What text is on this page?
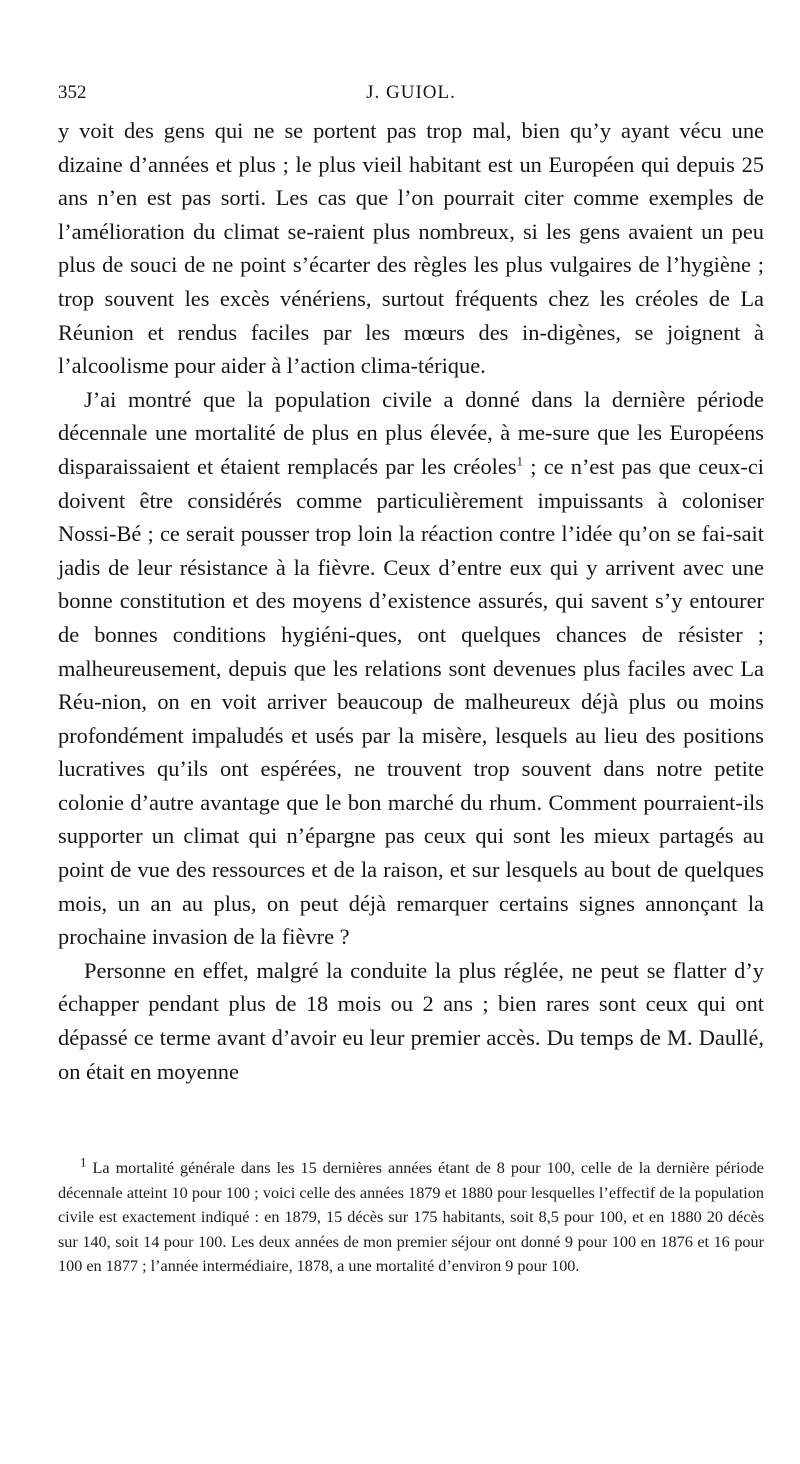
352	J. GUIOL.

y voit des gens qui ne se portent pas trop mal, bien qu’y ayant vécu une dizaine d’années et plus ; le plus vieil habitant est un Européen qui depuis 25 ans n’en est pas sorti. Les cas que l’on pourrait citer comme exemples de l’amélioration du climat se-raient plus nombreux, si les gens avaient un peu plus de souci de ne point s’écarter des règles les plus vulgaires de l’hygiène ; trop souvent les excès vénériens, surtout fréquents chez les créoles de La Réunion et rendus faciles par les mœurs des in-digènes, se joignent à l’alcoolisme pour aider à l’action clima-térique.

J’ai montré que la population civile a donné dans la dernière période décennale une mortalité de plus en plus élevée, à me-sure que les Européens disparaissaient et étaient remplacés par les créoles$^1$ ; ce n’est pas que ceux-ci doivent être considérés comme particulièrement impuissants à coloniser Nossi-Bé ; ce serait pousser trop loin la réaction contre l’idée qu’on se fai-sait jadis de leur résistance à la fièvre. Ceux d’entre eux qui y arrivent avec une bonne constitution et des moyens d’existence assurés, qui savent s’y entourer de bonnes conditions hygiéni-ques, ont quelques chances de résister ; malheureusement, depuis que les relations sont devenues plus faciles avec La Réu-nion, on en voit arriver beaucoup de malheureux déjà plus ou moins profondément impaludés et usés par la misère, lesquels au lieu des positions lucratives qu’ils ont espérées, ne trouvent trop souvent dans notre petite colonie d’autre avantage que le bon marché du rhum. Comment pourraient-ils supporter un climat qui n’épargne pas ceux qui sont les mieux partagés au point de vue des ressources et de la raison, et sur lesquels au bout de quelques mois, un an au plus, on peut déjà remarquer certains signes annonçant la prochaine invasion de la fièvre ?

Personne en effet, malgré la conduite la plus réglée, ne peut se flatter d’y échapper pendant plus de 18 mois ou 2 ans ; bien rares sont ceux qui ont dépassé ce terme avant d’avoir eu leur premier accès. Du temps de M. Daullé, on était en moyenne

$^1$ La mortalité générale dans les 15 dernières années étant de 8 pour 100, celle de la dernière période décennale atteint 10 pour 100 ; voici celle des années 1879 et 1880 pour lesquelles l’effectif de la population civile est exactement indiqué : en 1879, 15 décès sur 175 habitants, soit 8,5 pour 100, et en 1880 20 décès sur 140, soit 14 pour 100. Les deux années de mon premier séjour ont donné 9 pour 100 en 1876 et 16 pour 100 en 1877 ; l’année intermédiaire, 1878, a une mortalité d’environ 9 pour 100.
